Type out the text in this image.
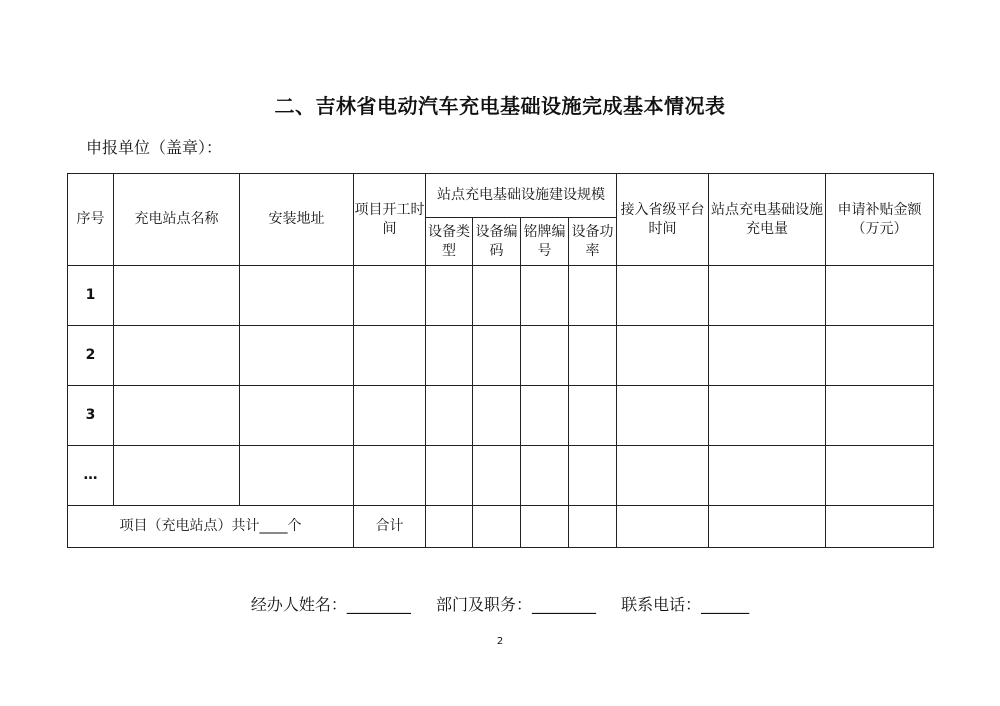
二、吉林省电动汽车充电基础设施完成基本情况表
申报单位（盖章）：
序号	充电站点名称	安装地址	项目开工时间	站点充电基础设施建设规模				接入省级平台时间	站点充电基础设施充电量	申请补贴金额（万元）
				设备类型	设备编码	铭牌编号	设备功率			
1										
2										
3										
…										
项目（充电站点）共计____个			合计							
经办人姓名：________ 部门及职务：________ 联系电话：______
2
